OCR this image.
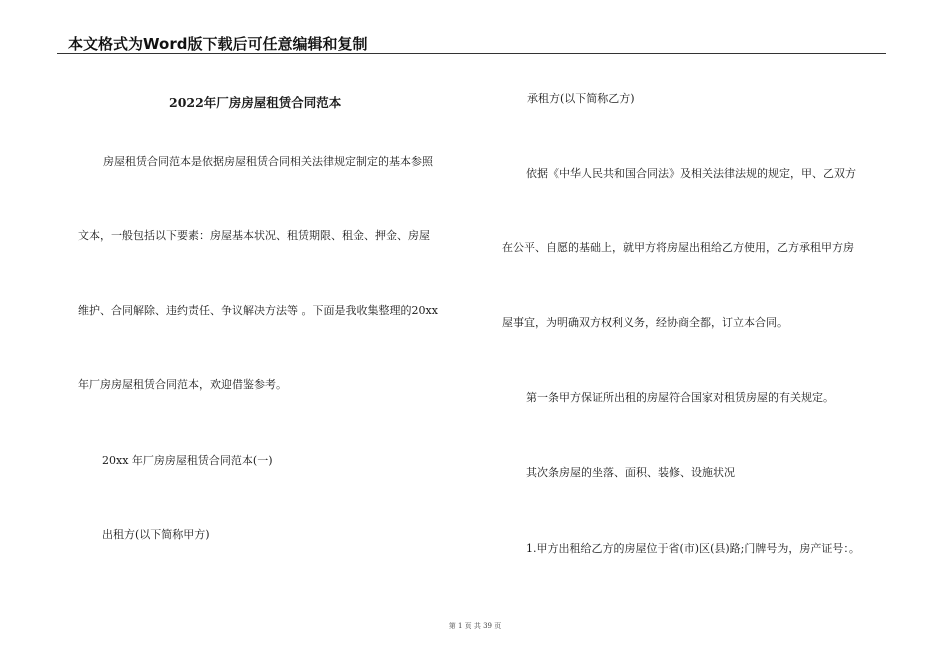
本文格式为Word版下载后可任意编辑和复制
2022年厂房房屋租赁合同范本
房屋租赁合同范本是依据房屋租赁合同相关法律规定制定的基本参照
文本，一般包括以下要素：房屋基本状况、租赁期限、租金、押金、房屋
维护、合同解除、违约责任、争议解决方法等 。下面是我收集整理的20xx
年厂房房屋租赁合同范本，欢迎借鉴参考。
20xx 年厂房房屋租赁合同范本(一)
出租方(以下简称甲方)
承租方(以下简称乙方)
依据《中华人民共和国合同法》及相关法律法规的规定，甲、乙双方
在公平、自愿的基础上，就甲方将房屋出租给乙方使用，乙方承租甲方房
屋事宜，为明确双方权利义务，经协商全都，订立本合同。
第一条甲方保证所出租的房屋符合国家对租赁房屋的有关规定。
其次条房屋的坐落、面积、装修、设施状况
1.甲方出租给乙方的房屋位于省(市)区(县)路;门牌号为，房产证号：。
第 1 页 共 39 页
